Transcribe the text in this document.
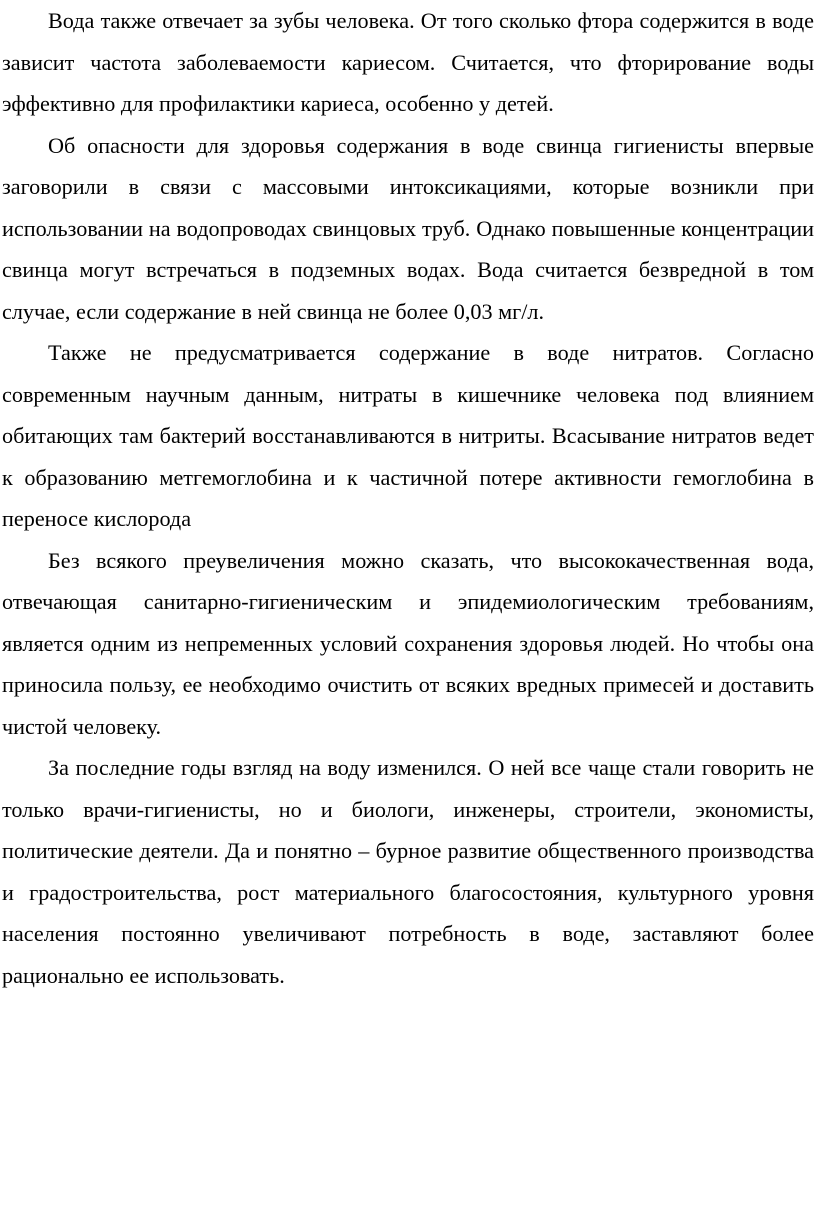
Вода также отвечает за зубы человека. От того сколько фтора содержится в воде зависит частота заболеваемости кариесом. Считается, что фторирование воды эффективно для профилактики кариеса, особенно у детей.

Об опасности для здоровья содержания в воде свинца гигиенисты впервые заговорили в связи с массовыми интоксикациями, которые возникли при использовании на водопроводах свинцовых труб. Однако повышенные концентрации свинца могут встречаться в подземных водах. Вода считается безвредной в том случае, если содержание в ней свинца не более 0,03 мг/л.

Также не предусматривается содержание в воде нитратов. Согласно современным научным данным, нитраты в кишечнике человека под влиянием обитающих там бактерий восстанавливаются в нитриты. Всасывание нитратов ведет к образованию метгемоглобина и к частичной потере активности гемоглобина в переносе кислорода

Без всякого преувеличения можно сказать, что высококачественная вода, отвечающая санитарно-гигиеническим и эпидемиологическим требованиям, является одним из непременных условий сохранения здоровья людей. Но чтобы она приносила пользу, ее необходимо очистить от всяких вредных примесей и доставить чистой человеку.

За последние годы взгляд на воду изменился. О ней все чаще стали говорить не только врачи-гигиенисты, но и биологи, инженеры, строители, экономисты, политические деятели. Да и понятно – бурное развитие общественного производства и градостроительства, рост материального благосостояния, культурного уровня населения постоянно увеличивают потребность в воде, заставляют более рационально ее использовать.
